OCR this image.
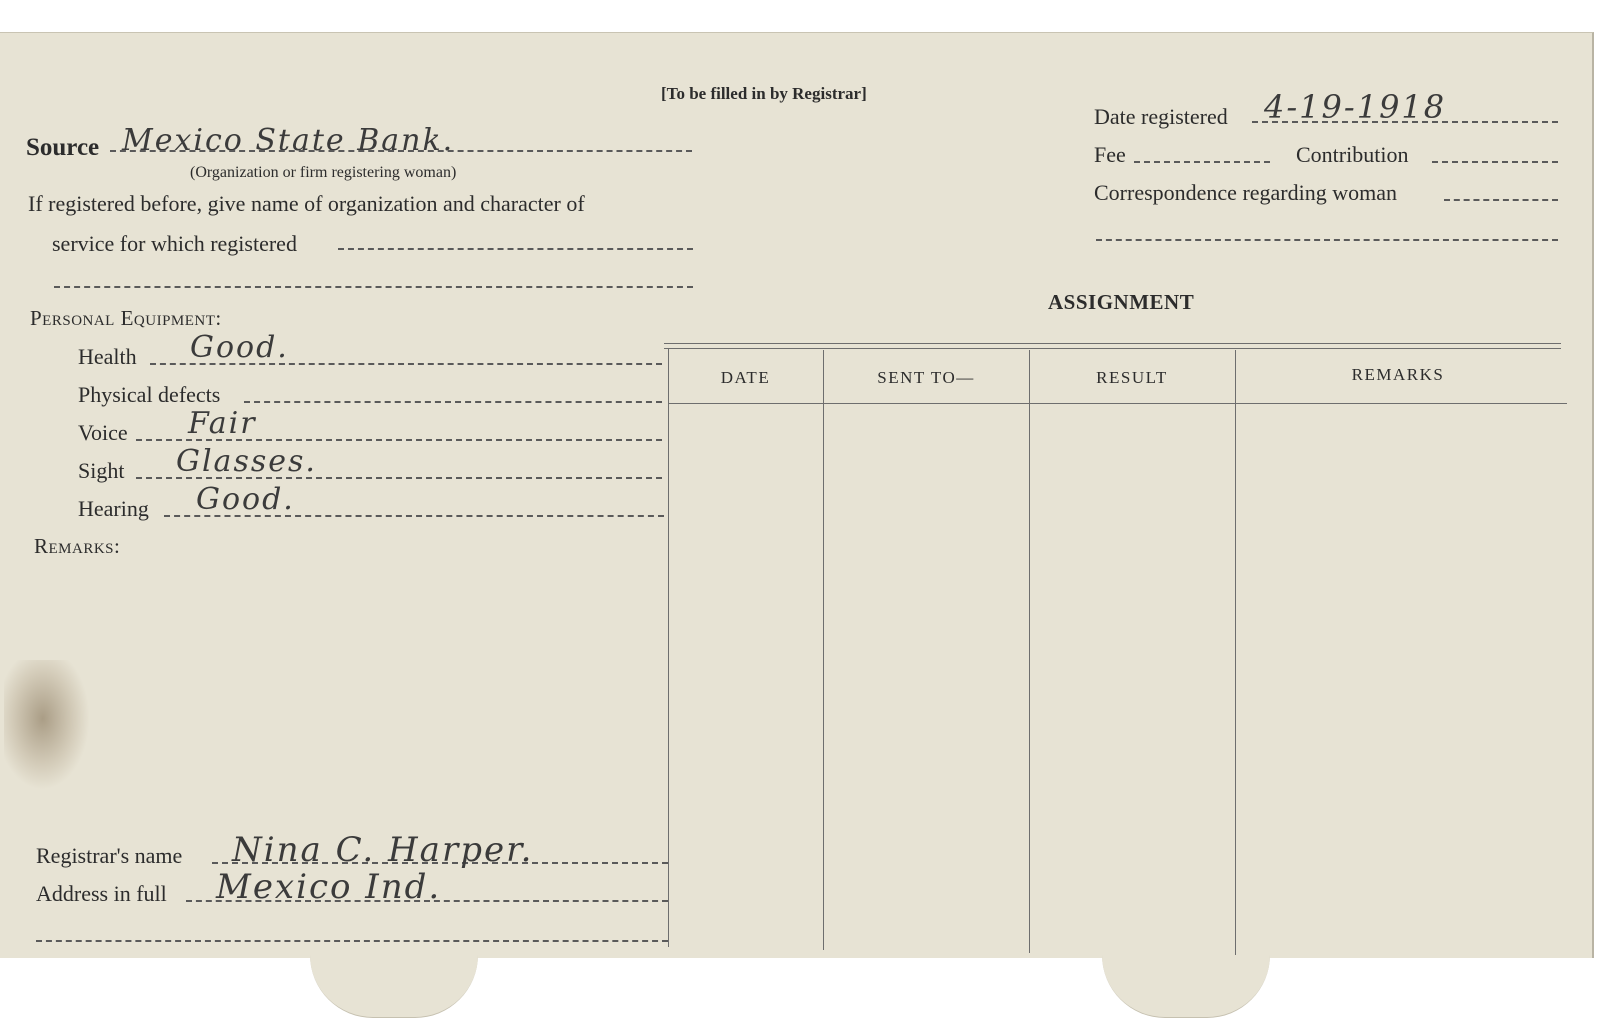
[To be filled in by Registrar]
Source Mexico State Bank.
(Organization or firm registering woman)
If registered before, give name of organization and character of
service for which registered
Personal Equipment:
Health Good.
Physical defects
Voice Fair
Sight Glasses.
Hearing Good.
Remarks:
Registrar's name Nina C. Harper.
Address in full Mexico Ind.
Date registered 4-19-1918
Fee	Contribution
Correspondence regarding woman
ASSIGNMENT
DATE	SENT TO—	RESULT	REMARKS
